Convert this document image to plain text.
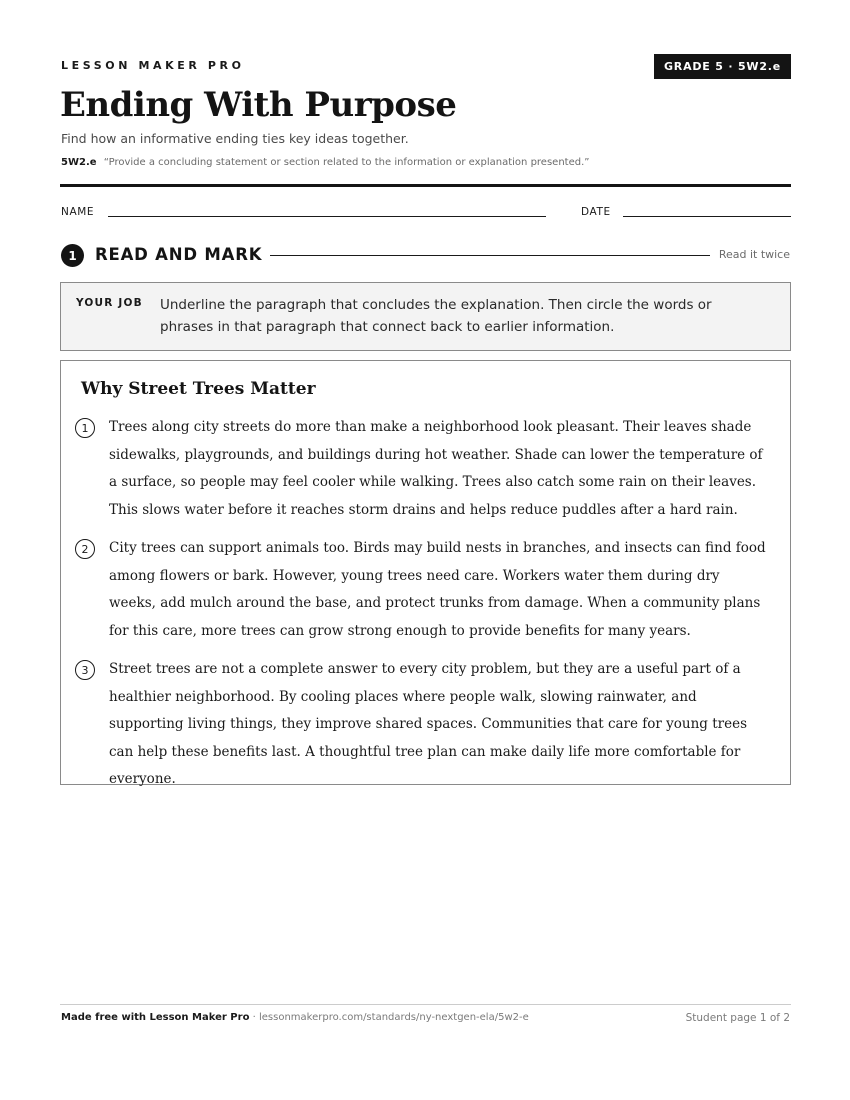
LESSON MAKER PRO	GRADE 5 · 5W2.e
Ending With Purpose
Find how an informative ending ties key ideas together.
5W2.e “Provide a concluding statement or section related to the information or explanation presented.”
NAME	DATE
1	READ AND MARK	Read it twice
YOUR JOB Underline the paragraph that concludes the explanation. Then circle the words or phrases in that paragraph that connect back to earlier information.
Why Street Trees Matter
1	Trees along city streets do more than make a neighborhood look pleasant. Their leaves shade sidewalks, playgrounds, and buildings during hot weather. Shade can lower the temperature of a surface, so people may feel cooler while walking. Trees also catch some rain on their leaves. This slows water before it reaches storm drains and helps reduce puddles after a hard rain.
2	City trees can support animals too. Birds may build nests in branches, and insects can find food among flowers or bark. However, young trees need care. Workers water them during dry weeks, add mulch around the base, and protect trunks from damage. When a community plans for this care, more trees can grow strong enough to provide benefits for many years.
3	Street trees are not a complete answer to every city problem, but they are a useful part of a healthier neighborhood. By cooling places where people walk, slowing rainwater, and supporting living things, they improve shared spaces. Communities that care for young trees can help these benefits last. A thoughtful tree plan can make daily life more comfortable for everyone.
Made free with Lesson Maker Pro · lessonmakerpro.com/standards/ny-nextgen-ela/5w2-e	Student page 1 of 2
